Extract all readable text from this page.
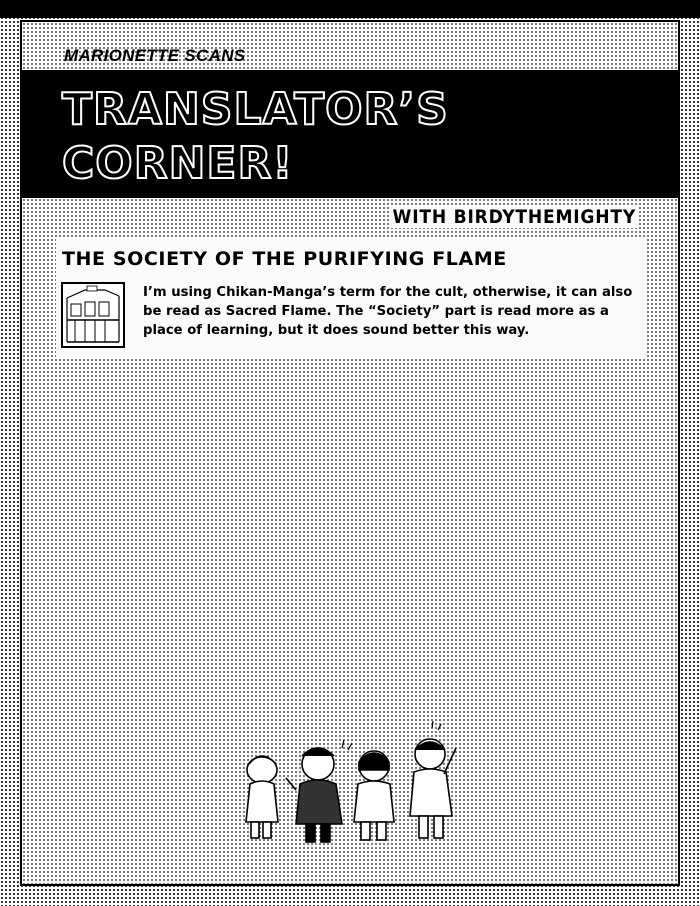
MARIONETTE SCANS
TRANSLATOR’S
CORNER!
WITH BIRDYTHEMIGHTY
THE SOCIETY OF THE PURIFYING FLAME
I’m using Chikan-Manga’s term for the cult, otherwise, it can also be read as Sacred Flame. The “Society” part is read more as a place of learning, but it does sound better this way.
